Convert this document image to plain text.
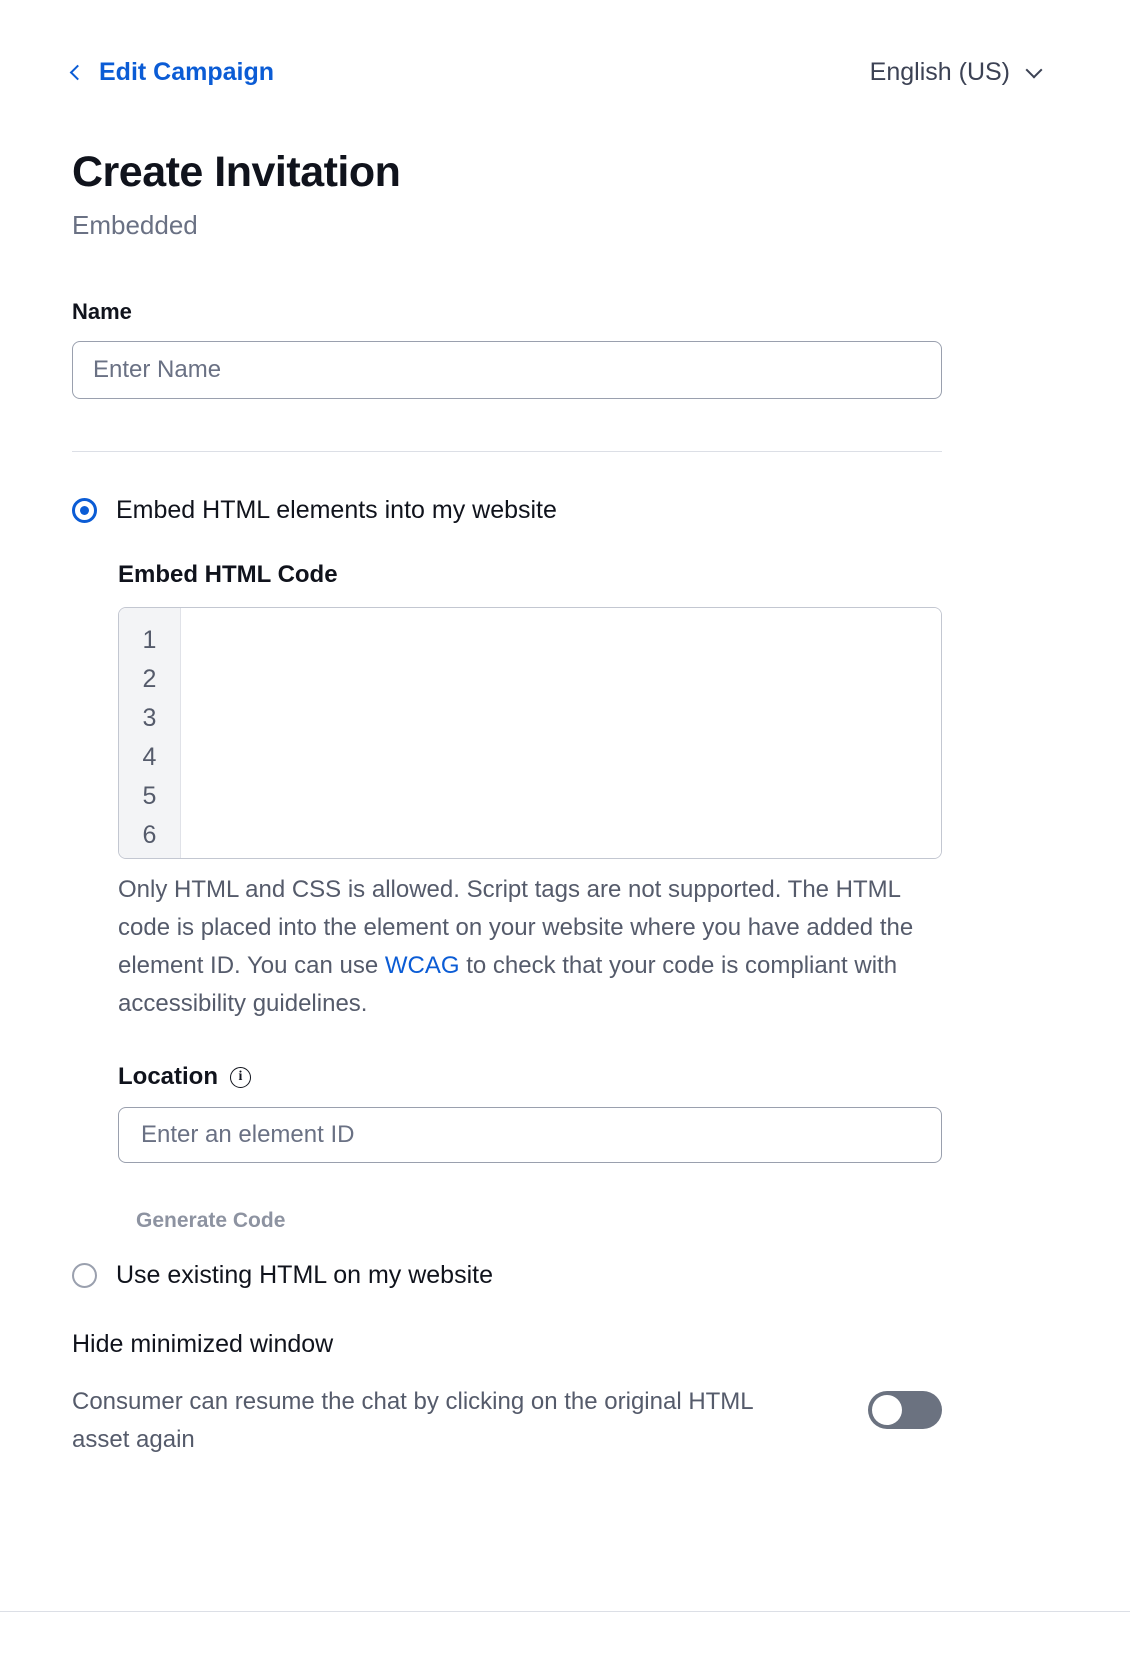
Edit Campaign	English (US)
Create Invitation
Embedded
Name
Enter Name
Embed HTML elements into my website
Embed HTML Code
1
2
3
4
5
6
Only HTML and CSS is allowed. Script tags are not supported. The HTML code is placed into the element on your website where you have added the element ID. You can use WCAG to check that your code is compliant with accessibility guidelines.
Location	i
Enter an element ID
Generate Code
Use existing HTML on my website
Hide minimized window
Consumer can resume the chat by clicking on the original HTML asset again
